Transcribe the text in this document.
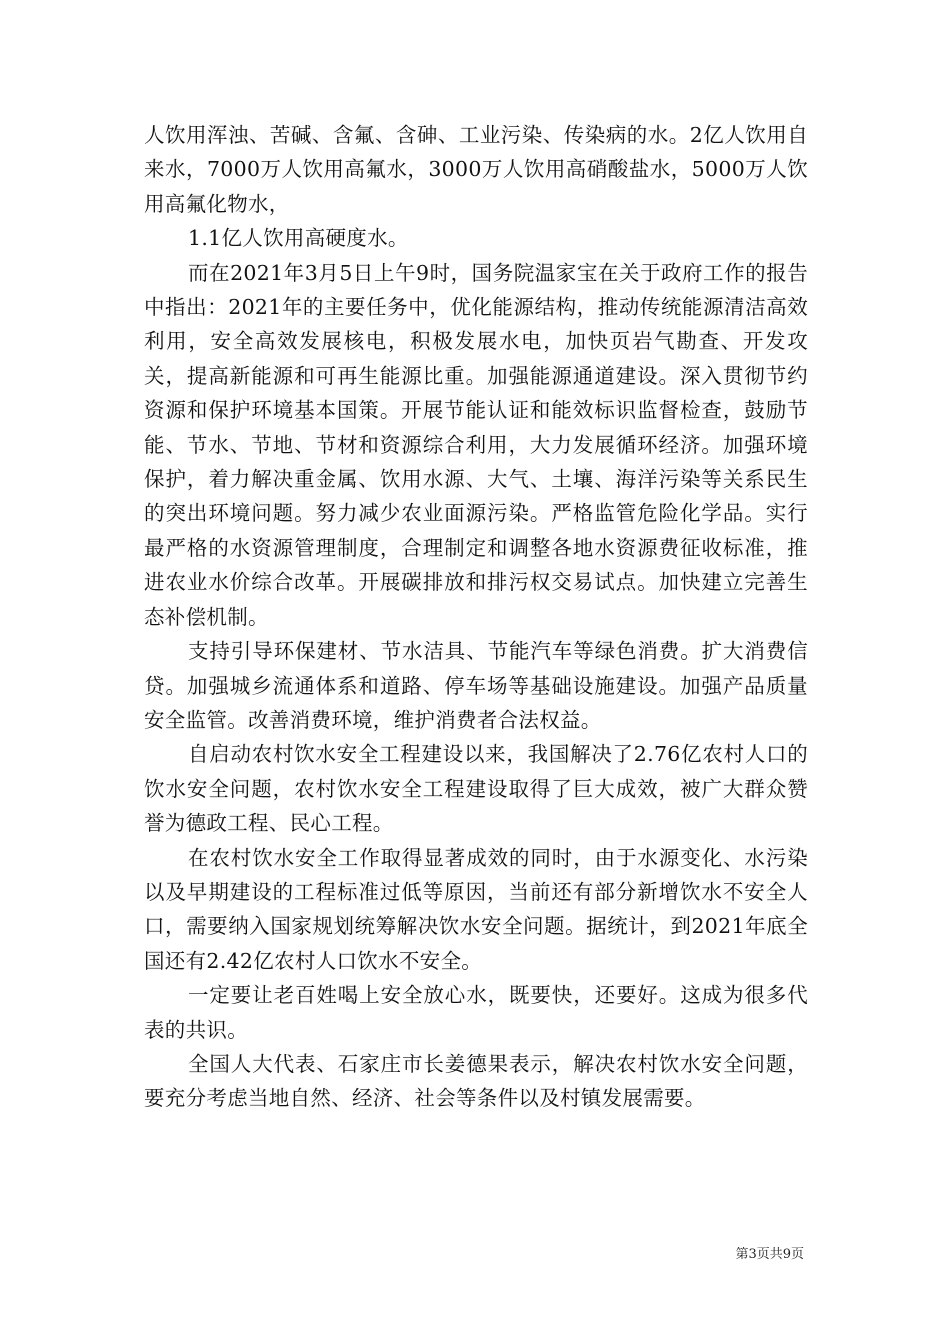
人饮用浑浊、苦碱、含氟、含砷、工业污染、传染病的水。2亿人饮用自来水，7000万人饮用高氟水，3000万人饮用高硝酸盐水，5000万人饮用高氟化物水，

1.1亿人饮用高硬度水。

而在2021年3月5日上午9时，国务院温家宝在关于政府工作的报告中指出：2021年的主要任务中，优化能源结构，推动传统能源清洁高效利用，安全高效发展核电，积极发展水电，加快页岩气勘查、开发攻关，提高新能源和可再生能源比重。加强能源通道建设。深入贯彻节约资源和保护环境基本国策。开展节能认证和能效标识监督检查，鼓励节能、节水、节地、节材和资源综合利用，大力发展循环经济。加强环境保护，着力解决重金属、饮用水源、大气、土壤、海洋污染等关系民生的突出环境问题。努力减少农业面源污染。严格监管危险化学品。实行最严格的水资源管理制度，合理制定和调整各地水资源费征收标准，推进农业水价综合改革。开展碳排放和排污权交易试点。加快建立完善生态补偿机制。

支持引导环保建材、节水洁具、节能汽车等绿色消费。扩大消费信贷。加强城乡流通体系和道路、停车场等基础设施建设。加强产品质量安全监管。改善消费环境，维护消费者合法权益。

自启动农村饮水安全工程建设以来，我国解决了2.76亿农村人口的饮水安全问题，农村饮水安全工程建设取得了巨大成效，被广大群众赞誉为德政工程、民心工程。

在农村饮水安全工作取得显著成效的同时，由于水源变化、水污染以及早期建设的工程标准过低等原因，当前还有部分新增饮水不安全人口，需要纳入国家规划统筹解决饮水安全问题。据统计，到2021年底全国还有2.42亿农村人口饮水不安全。

一定要让老百姓喝上安全放心水，既要快，还要好。这成为很多代表的共识。

全国人大代表、石家庄市长姜德果表示，解决农村饮水安全问题，要充分考虑当地自然、经济、社会等条件以及村镇发展需要。

第3页共9页
